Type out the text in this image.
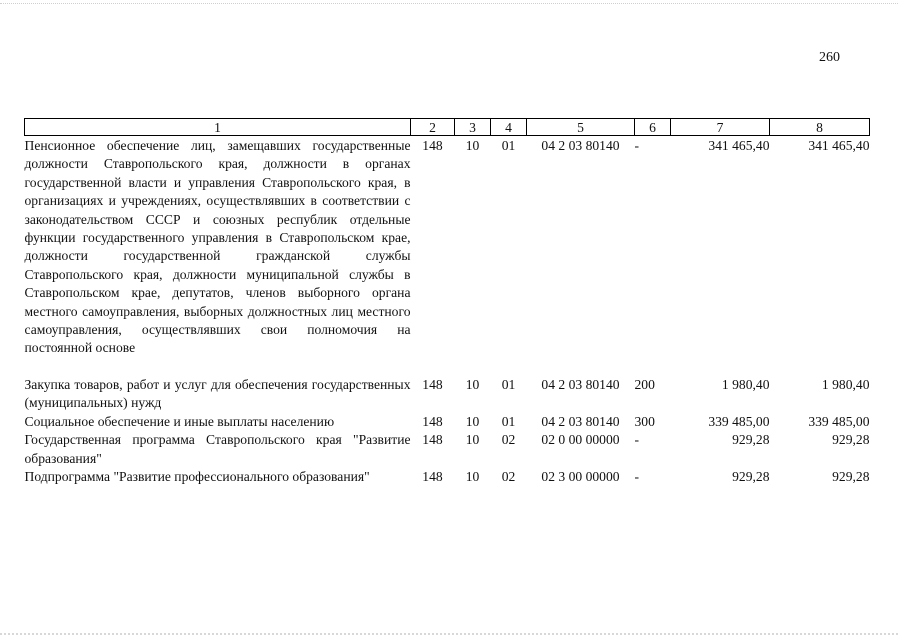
260
1	2	3	4	5	6	7	8
Пенсионное обеспечение лиц, замещавших государственные должности Ставропольского края, должности в органах государственной власти и управления Ставропольского края, в организациях и учреждениях, осуществлявших в соответствии с законодательством СССР и союзных республик отдельные функции государственного управления в Ставропольском крае, должности государственной гражданской службы Ставропольского края, должности муниципальной службы в Ставропольском крае, депутатов, членов выборного органа местного самоуправления, выборных должностных лиц местного самоуправления, осуществлявших свои полномочия на постоянной основе	148	10	01	04 2 03 80140	-	341 465,40	341 465,40
Закупка товаров, работ и услуг для обеспечения государственных (муниципальных) нужд	148	10	01	04 2 03 80140	200	1 980,40	1 980,40
Социальное обеспечение и иные выплаты населению	148	10	01	04 2 03 80140	300	339 485,00	339 485,00
Государственная программа Ставропольского края "Развитие образования"	148	10	02	02 0 00 00000	-	929,28	929,28
Подпрограмма "Развитие профессионального образования"	148	10	02	02 3 00 00000	-	929,28	929,28
